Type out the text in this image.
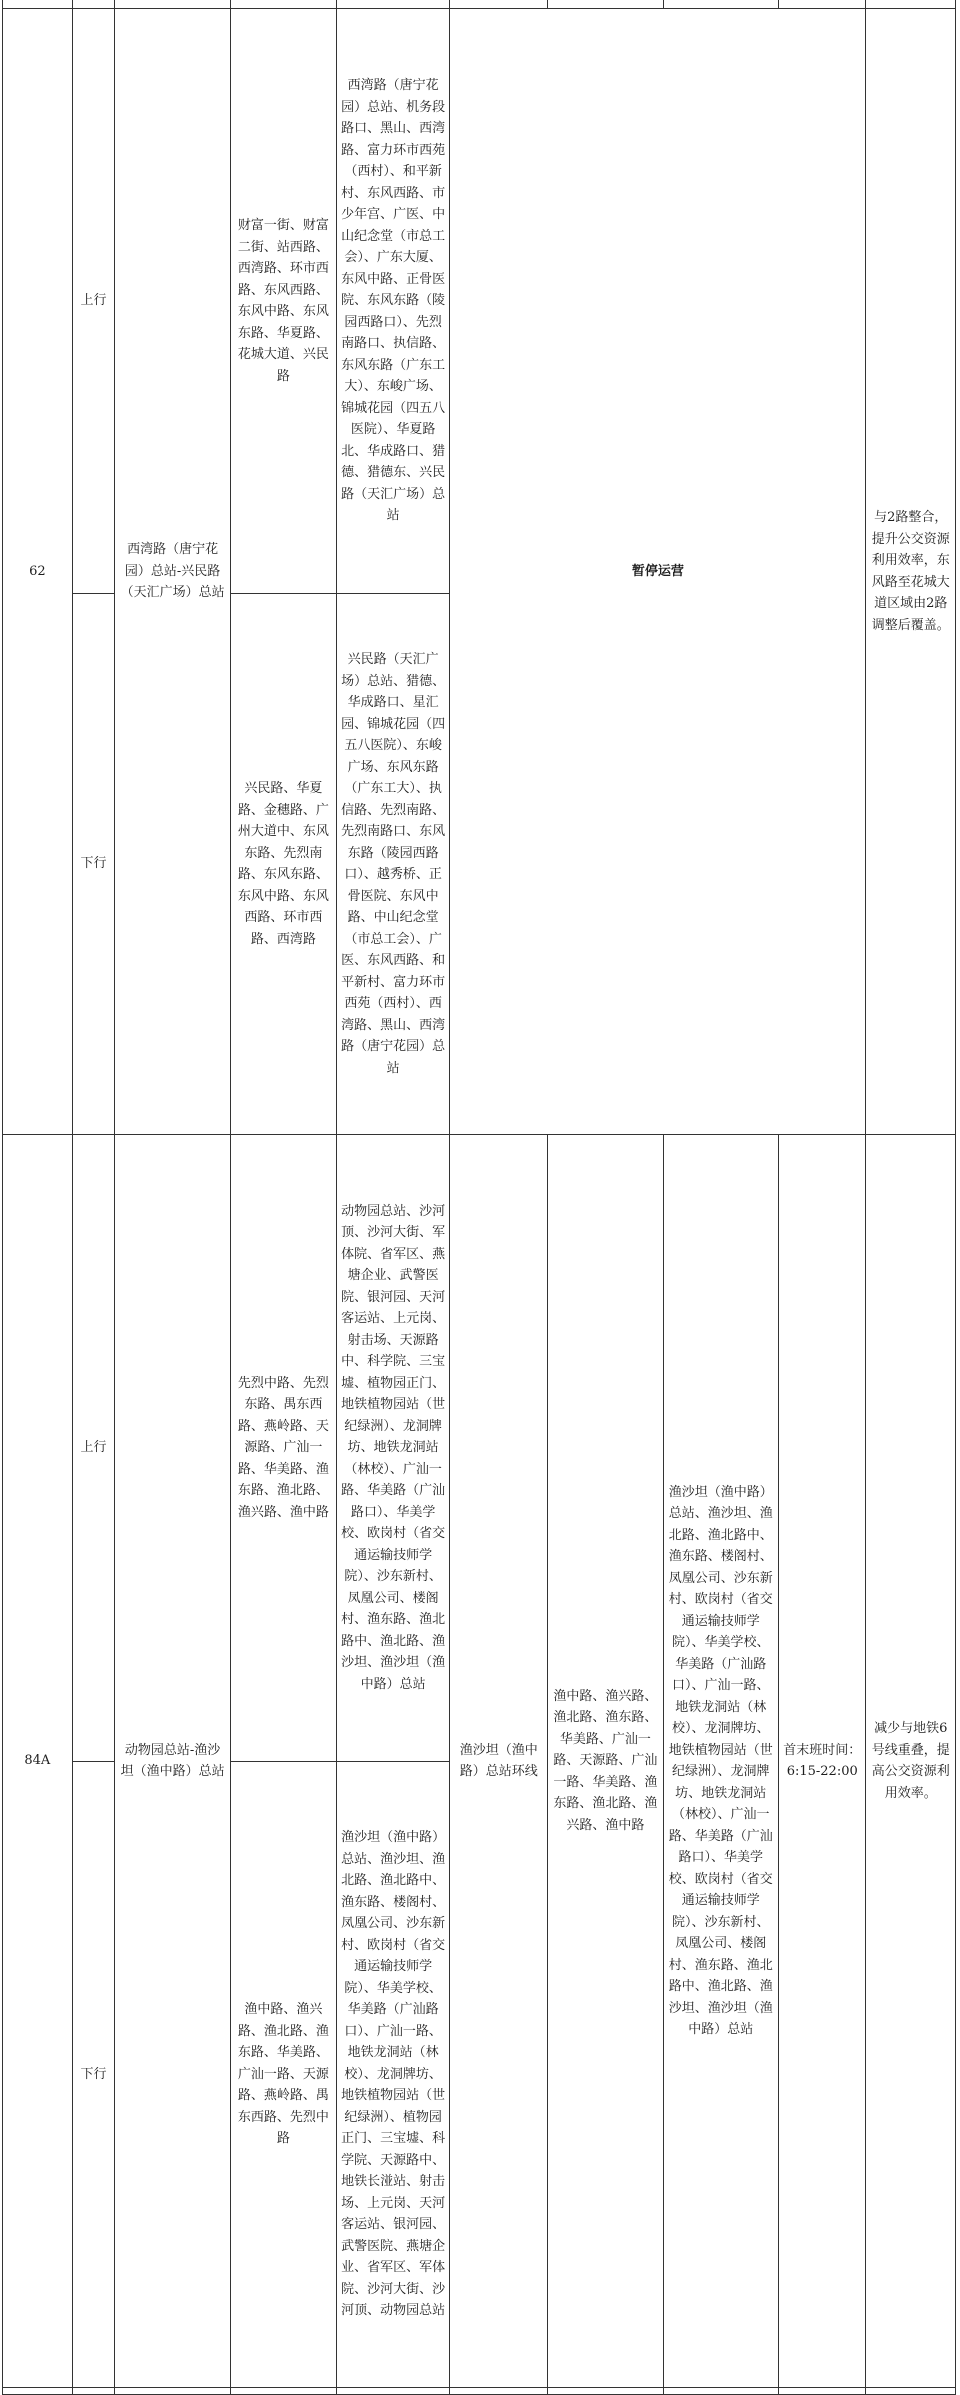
62	上行	西湾路（唐宁花园）总站-兴民路（天汇广场）总站	财富一街、财富二街、站西路、西湾路、环市西路、东风西路、东风中路、东风东路、华夏路、花城大道、兴民路	西湾路（唐宁花园）总站、机务段路口、黑山、西湾路、富力环市西苑（西村）、和平新村、东风西路、市少年宫、广医、中山纪念堂（市总工会）、广东大厦、东风中路、正骨医院、东风东路（陵园西路口）、先烈南路口、执信路、东风东路（广东工大）、东峻广场、锦城花园（四五八医院）、华夏路北、华成路口、猎德、猎德东、兴民路（天汇广场）总站	暂停运营				与2路整合，提升公交资源利用效率，东风路至花城大道区域由2路调整后覆盖。
	下行		兴民路、华夏路、金穗路、广州大道中、东风东路、先烈南路、东风东路、东风中路、东风西路、环市西路、西湾路	兴民路（天汇广场）总站、猎德、华成路口、星汇园、锦城花园（四五八医院）、东峻广场、东风东路（广东工大）、执信路、先烈南路、先烈南路口、东风东路（陵园西路口）、越秀桥、正骨医院、东风中路、中山纪念堂（市总工会）、广医、东风西路、和平新村、富力环市西苑（西村）、西湾路、黑山、西湾路（唐宁花园）总站					
84A	上行	动物园总站-渔沙坦（渔中路）总站	先烈中路、先烈东路、禺东西路、燕岭路、天源路、广汕一路、华美路、渔东路、渔北路、渔兴路、渔中路	动物园总站、沙河顶、沙河大街、军体院、省军区、燕塘企业、武警医院、银河园、天河客运站、上元岗、射击场、天源路中、科学院、三宝墟、植物园正门、地铁植物园站（世纪绿洲）、龙洞牌坊、地铁龙洞站（林校）、广汕一路、华美路（广汕路口）、华美学校、欧岗村（省交通运输技师学院）、沙东新村、凤凰公司、楼阁村、渔东路、渔北路中、渔北路、渔沙坦、渔沙坦（渔中路）总站	渔沙坦（渔中路）总站环线	渔中路、渔兴路、渔北路、渔东路、华美路、广汕一路、天源路、广汕一路、华美路、渔东路、渔北路、渔兴路、渔中路	渔沙坦（渔中路）总站、渔沙坦、渔北路、渔北路中、渔东路、楼阁村、凤凰公司、沙东新村、欧岗村（省交通运输技师学院）、华美学校、华美路（广汕路口）、广汕一路、地铁龙洞站（林校）、龙洞牌坊、地铁植物园站（世纪绿洲）、龙洞牌坊、地铁龙洞站（林校）、广汕一路、华美路（广汕路口）、华美学校、欧岗村（省交通运输技师学院）、沙东新村、凤凰公司、楼阁村、渔东路、渔北路中、渔北路、渔沙坦、渔沙坦（渔中路）总站	首末班时间：6:15-22:00	减少与地铁6号线重叠，提高公交资源利用效率。
	下行		渔中路、渔兴路、渔北路、渔东路、华美路、广汕一路、天源路、燕岭路、禺东西路、先烈中路	渔沙坦（渔中路）总站、渔沙坦、渔北路、渔北路中、渔东路、楼阁村、凤凰公司、沙东新村、欧岗村（省交通运输技师学院）、华美学校、华美路（广汕路口）、广汕一路、地铁龙洞站（林校）、龙洞牌坊、地铁植物园站（世纪绿洲）、植物园正门、三宝墟、科学院、天源路中、地铁长湴站、射击场、上元岗、天河客运站、银河园、武警医院、燕塘企业、省军区、军体院、沙河大街、沙河顶、动物园总站					
